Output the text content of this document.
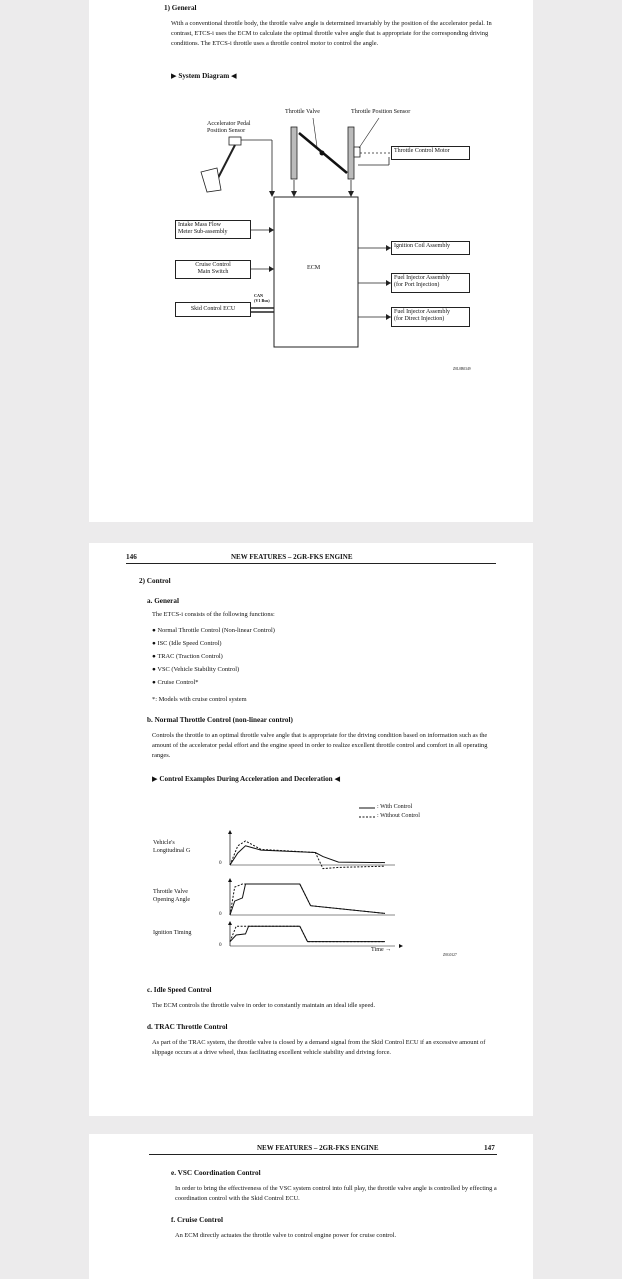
1) General
With a conventional throttle body, the throttle valve angle is determined invariably by the position of the accelerator pedal. In contrast, ETCS-i uses the ECM to calculate the optimal throttle valve angle that is appropriate for the corresponding driving conditions. The ETCS-i throttle uses a throttle control motor to control the angle.
▶ System Diagram ◀
Throttle Valve	Throttle Position Sensor
Accelerator Pedal
Position Sensor
Throttle Control Motor
Intake Mass Flow
Meter Sub-assembly
Cruise Control
Main Switch
Skid Control ECU
ECM
CAN
(V1 Bus)
Ignition Coil Assembly
Fuel Injector Assembly
(for Port Injection)
Fuel Injector Assembly
(for Direct Injection)
Z0L0B0349
146	NEW FEATURES – 2GR-FKS ENGINE
2) Control
a. General
The ETCS-i consists of the following functions:
● Normal Throttle Control (Non-linear Control)
● ISC (Idle Speed Control)
● TRAC (Traction Control)
● VSC (Vehicle Stability Control)
● Cruise Control*
*: Models with cruise control system
b. Normal Throttle Control (non-linear control)
Controls the throttle to an optimal throttle valve angle that is appropriate for the driving condition based on information such as the amount of the accelerator pedal effort and the engine speed in order to realize excellent throttle control and comfort in all operating ranges.
▶ Control Examples During Acceleration and Deceleration ◀
: With Control
: Without Control
Vehicle's
Longitudinal G
Throttle Valve
Opening Angle
Ignition Timing
0
0
0
Time →
Z0G0127
c. Idle Speed Control
The ECM controls the throttle valve in order to constantly maintain an ideal idle speed.
d. TRAC Throttle Control
As part of the TRAC system, the throttle valve is closed by a demand signal from the Skid Control ECU if an excessive amount of slippage occurs at a drive wheel, thus facilitating excellent vehicle stability and driving force.
NEW FEATURES – 2GR-FKS ENGINE	147
e. VSC Coordination Control
In order to bring the effectiveness of the VSC system control into full play, the throttle valve angle is controlled by effecting a coordination control with the Skid Control ECU.
f. Cruise Control
An ECM directly actuates the throttle valve to control engine power for cruise control.
